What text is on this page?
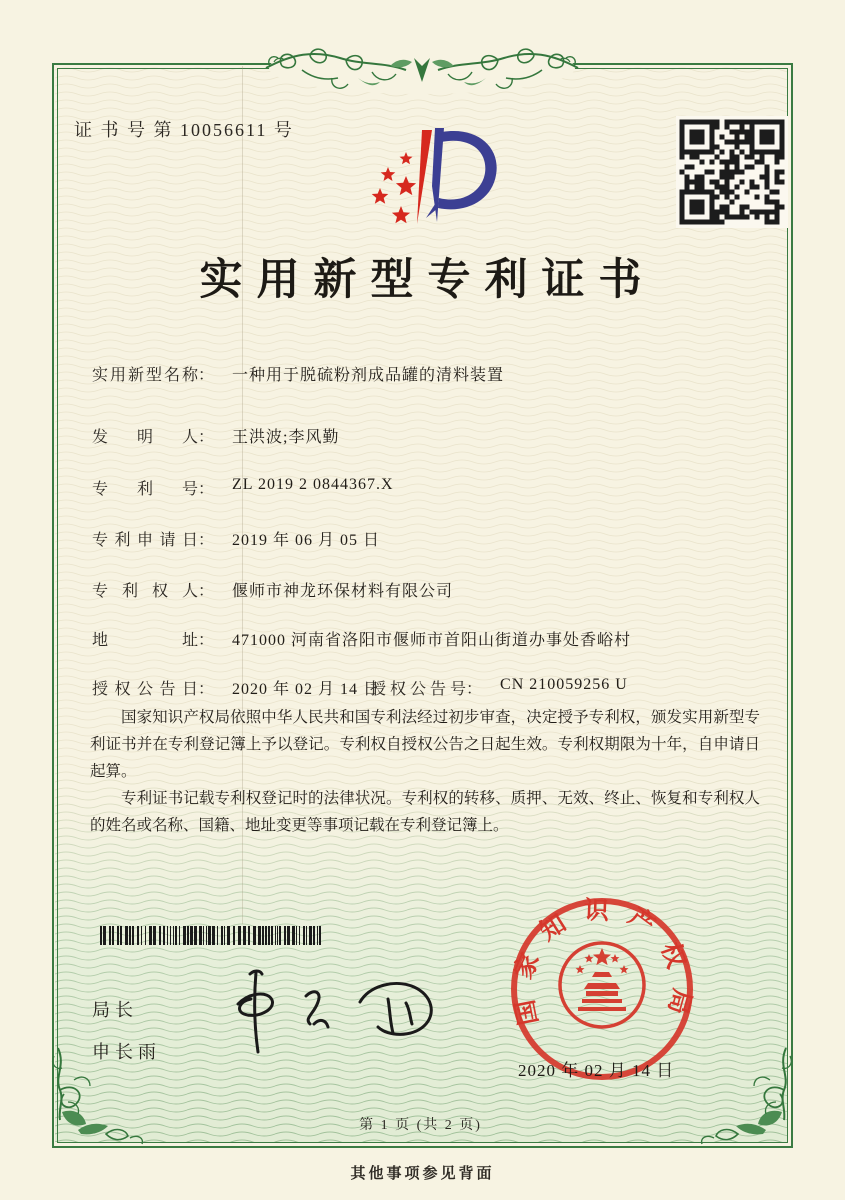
证 书 号 第 10056611 号
实用新型专利证书
实用新型名称： 一种用于脱硫粉剂成品罐的清料装置
发明人： 王洪波;李风勤
专利号： ZL 2019 2 0844367.X
专利申请日： 2019 年 06 月 05 日
专利权人： 偃师市神龙环保材料有限公司
地址： 471000 河南省洛阳市偃师市首阳山街道办事处香峪村
授权公告日： 2020 年 02 月 14 日
授权公告号： CN 210059256 U

国家知识产权局依照中华人民共和国专利法经过初步审查，决定授予专利权，颁发实用新型专利证书并在专利登记簿上予以登记。专利权自授权公告之日起生效。专利权期限为十年，自申请日起算。

专利证书记载专利权登记时的法律状况。专利权的转移、质押、无效、终止、恢复和专利权人的姓名或名称、国籍、地址变更等事项记载在专利登记簿上。

国家知识产权局
局长
申长雨
2020 年 02 月 14 日
第 1 页 (共 2 页)
其他事项参见背面
